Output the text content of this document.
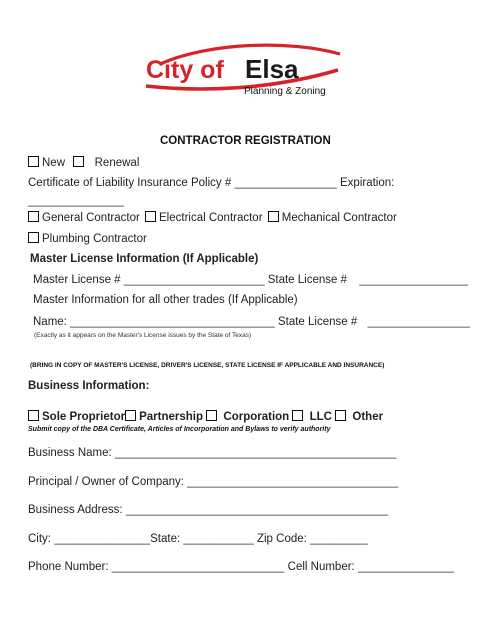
City of Elsa
Planning & Zoning
CONTRACTOR REGISTRATION
New	Renewal
Certificate of Liability Insurance Policy # ________________ Expiration:
_______________
General Contractor Electrical Contractor Mechanical Contractor
Plumbing Contractor
Master License Information (If Applicable)
Master License # ______________________ State License # _________________
Master Information for all other trades (If Applicable)
Name: ________________________________ State License # ________________
(Exactly as it appears on the Master's License issues by the State of Texas)
(BRING IN COPY OF MASTER'S LICENSE, DRIVER'S LICENSE, STATE LICENSE IF APPLICABLE AND INSURANCE)
Business Information:
Sole Proprietor Partnership Corporation LLC Other
Submit copy of the DBA Certificate, Articles of Incorporation and Bylaws to verify authority
Business Name: ____________________________________________
Principal / Owner of Company: _________________________________
Business Address: _________________________________________
City: _______________State: ___________ Zip Code: _________
Phone Number: ___________________________ Cell Number: _______________
